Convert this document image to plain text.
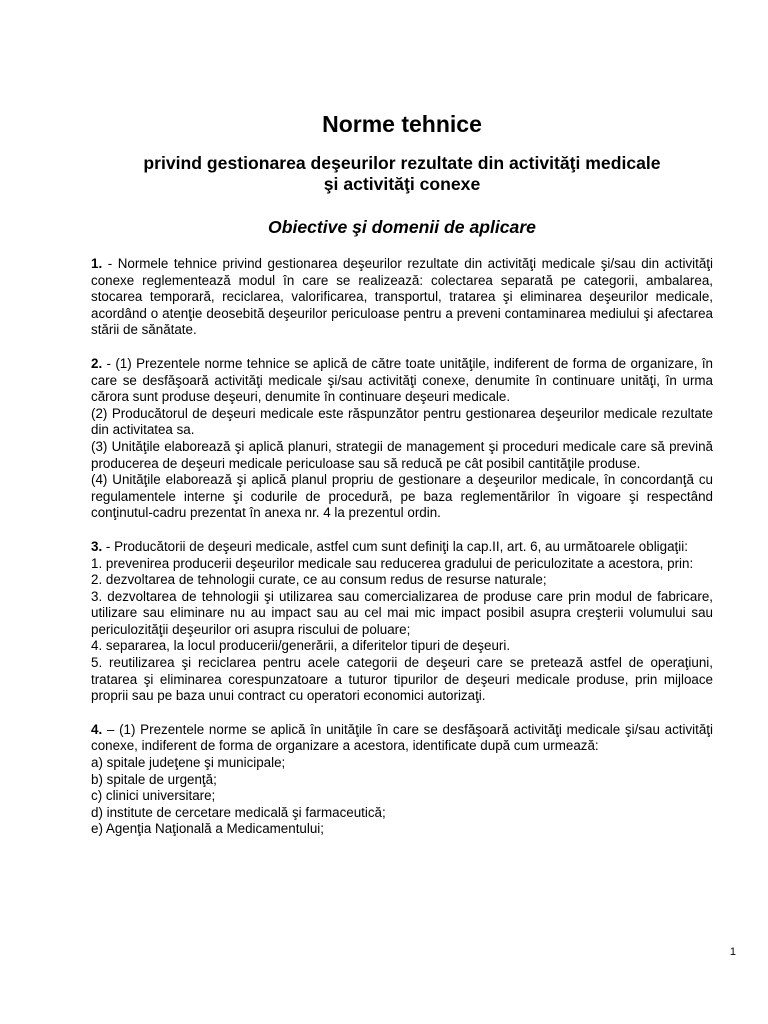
Norme tehnice
privind gestionarea deşeurilor rezultate din activităţi medicale
şi activităţi conexe
Obiective şi domenii de aplicare

1. - Normele tehnice privind gestionarea deşeurilor rezultate din activităţi medicale şi/sau din activităţi conexe reglementează modul în care se realizează: colectarea separată pe categorii, ambalarea, stocarea temporară, reciclarea, valorificarea, transportul, tratarea şi eliminarea deşeurilor medicale, acordând o atenţie deosebită deşeurilor periculoase pentru a preveni contaminarea mediului şi afectarea stării de sănătate.

2. - (1) Prezentele norme tehnice se aplică de către toate unităţile, indiferent de forma de organizare, în care se desfăşoară activităţi medicale şi/sau activităţi conexe, denumite în continuare unităţi, în urma cărora sunt produse deşeuri, denumite în continuare deşeuri medicale.

(2) Producătorul de deşeuri medicale este răspunzător pentru gestionarea deşeurilor medicale rezultate din activitatea sa.

(3) Unităţile elaborează şi aplică planuri, strategii de management şi proceduri medicale care să prevină producerea de deşeuri medicale periculoase sau să reducă pe cât posibil cantităţile produse.

(4) Unităţile elaborează şi aplică planul propriu de gestionare a deşeurilor medicale, în concordanţă cu regulamentele interne şi codurile de procedură, pe baza reglementărilor în vigoare şi respectând conţinutul-cadru prezentat în anexa nr. 4 la prezentul ordin.

3. - Producătorii de deşeuri medicale, astfel cum sunt definiţi la cap.II, art. 6, au următoarele obligaţii:

1. prevenirea producerii deşeurilor medicale sau reducerea gradului de periculozitate a acestora, prin:

2. dezvoltarea de tehnologii curate, ce au consum redus de resurse naturale;

3. dezvoltarea de tehnologii şi utilizarea sau comercializarea de produse care prin modul de fabricare, utilizare sau eliminare nu au impact sau au cel mai mic impact posibil asupra creşterii volumului sau periculozităţii deşeurilor ori asupra riscului de poluare;

4. separarea, la locul producerii/generării, a diferitelor tipuri de deşeuri.

5. reutilizarea şi reciclarea pentru acele categorii de deşeuri care se pretează astfel de operaţiuni, tratarea şi eliminarea corespunzatoare a tuturor tipurilor de deşeuri medicale produse, prin mijloace proprii sau pe baza unui contract cu operatori economici autorizaţi.

4. – (1) Prezentele norme se aplică în unităţile în care se desfăşoară activităţi medicale şi/sau activităţi conexe, indiferent de forma de organizare a acestora, identificate după cum urmează:

a) spitale judeţene şi municipale;

b) spitale de urgenţă;

c) clinici universitare;

d) institute de cercetare medicală şi farmaceutică;

e) Agenţia Naţională a Medicamentului;

1
